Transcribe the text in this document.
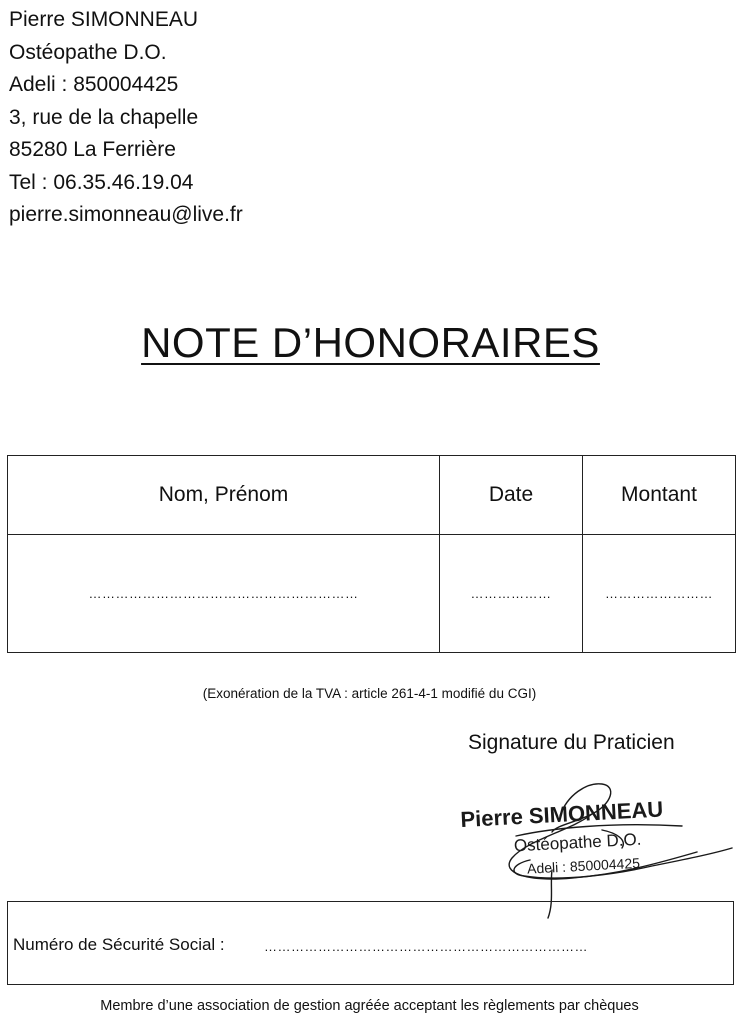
Pierre SIMONNEAU
Ostéopathe D.O.
Adeli : 850004425
3, rue de la chapelle
85280 La Ferrière
Tel : 06.35.46.19.04
pierre.simonneau@live.fr
NOTE D’HONORAIRES
Nom, Prénom	Date	Montant
……………………………………………………	………………	……………………
(Exonération de la TVA : article 261-4-1 modifié du CGI)
Signature du Praticien
Pierre SIMONNEAU
Ostéopathe D.O.
Adeli : 850004425
Numéro de Sécurité Social :	………………………………………………………………
Membre d’une association de gestion agréée acceptant les règlements par chèques
